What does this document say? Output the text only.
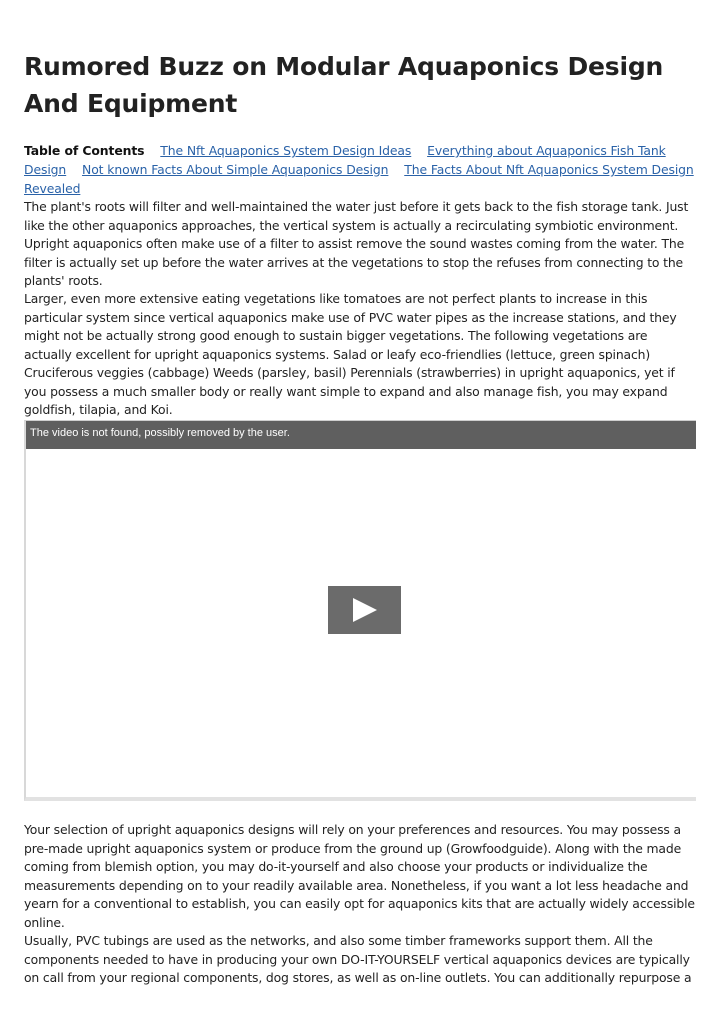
Rumored Buzz on Modular Aquaponics Design And Equipment
Table of Contents The Nft Aquaponics System Design Ideas Everything about Aquaponics Fish Tank Design Not known Facts About Simple Aquaponics Design The Facts About Nft Aquaponics System Design Revealed

The plant's roots will filter and well-maintained the water just before it gets back to the fish storage tank. Just like the other aquaponics approaches, the vertical system is actually a recirculating symbiotic environment. Upright aquaponics often make use of a filter to assist remove the sound wastes coming from the water. The filter is actually set up before the water arrives at the vegetations to stop the refuses from connecting to the plants' roots.

Larger, even more extensive eating vegetations like tomatoes are not perfect plants to increase in this particular system since vertical aquaponics make use of PVC water pipes as the increase stations, and they might not be actually strong good enough to sustain bigger vegetations. The following vegetations are actually excellent for upright aquaponics systems. Salad or leafy eco-friendlies (lettuce, green spinach) Cruciferous veggies (cabbage) Weeds (parsley, basil) Perennials (strawberries) in upright aquaponics, yet if you possess a much smaller body or really want simple to expand and also manage fish, you may expand goldfish, tilapia, and Koi.

The video is not found, possibly removed by the user.

Your selection of upright aquaponics designs will rely on your preferences and resources. You may possess a pre-made upright aquaponics system or produce from the ground up (Growfoodguide). Along with the made coming from blemish option, you may do-it-yourself and also choose your products or individualize the measurements depending on to your readily available area. Nonetheless, if you want a lot less headache and yearn for a conventional to establish, you can easily opt for aquaponics kits that are actually widely accessible online.

Usually, PVC tubings are used as the networks, and also some timber frameworks support them. All the components needed to have in producing your own DO-IT-YOURSELF vertical aquaponics devices are typically on call from your regional components, dog stores, as well as on-line outlets. You can additionally repurpose a
